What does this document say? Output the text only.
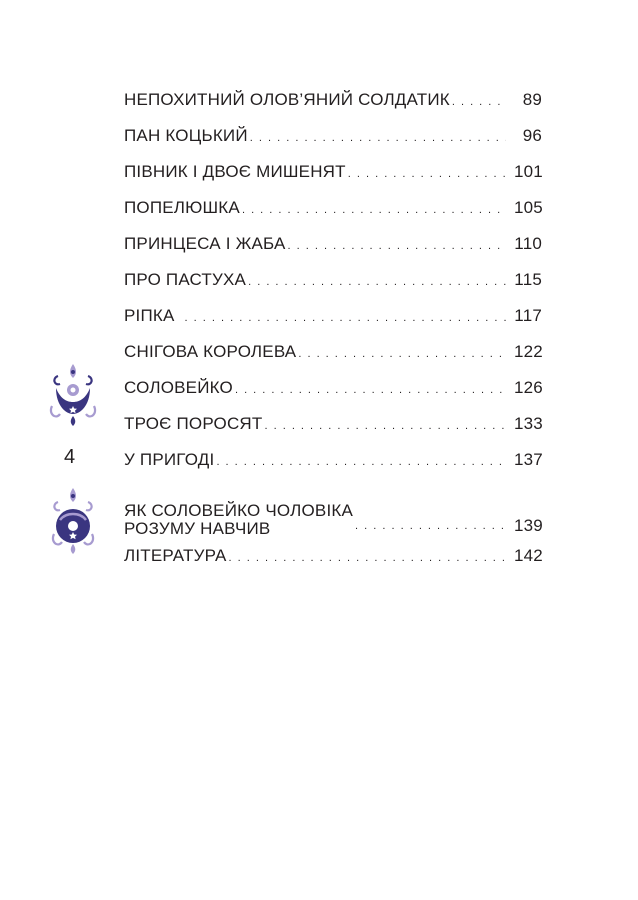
4
НЕПОХИТНИЙ ОЛОВ’ЯНИЙ СОЛДАТИК . . .	89
ПАН КОЦЬКИЙ . . .	96
ПІВНИК І ДВОЄ МИШЕНЯТ . . .	101
ПОПЕЛЮШКА . . .	105
ПРИНЦЕСА І ЖАБА . . .	110
ПРО ПАСТУХА . . .	115
РІПКА . . .	117
СНІГОВА КОРОЛЕВА . . .	122
СОЛОВЕЙКО . . .	126
ТРОЄ ПОРОСЯТ . . .	133
У ПРИГОДІ . . .	137
ЯК СОЛОВЕЙКО ЧОЛОВІКА
РОЗУМУ НАВЧИВ . . .	139
ЛІТЕРАТУРА . . .	142
